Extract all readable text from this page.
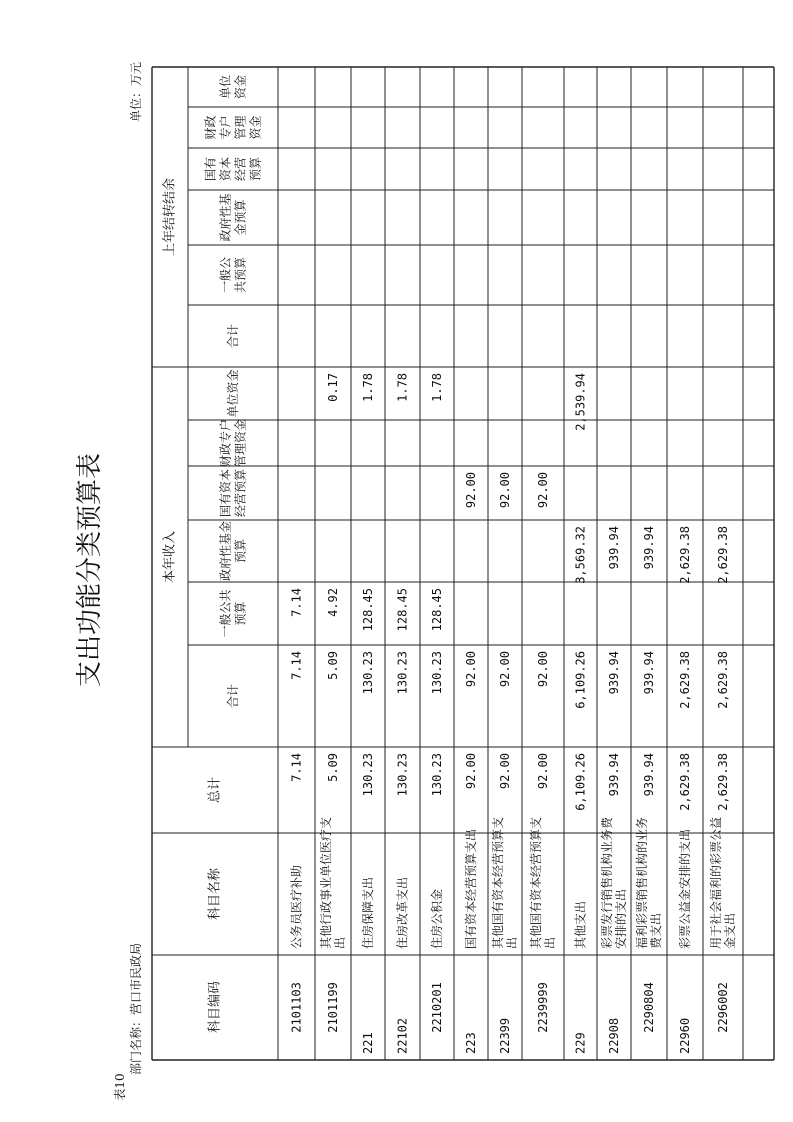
科目编码
科目名称
总计
本年收入
上年结转结余
合计
一般公共 预算
政府性基金 预算
国有资本 经营预算
财政专户 管理资金
单位资金
合计
一般公 共预算
政府性基 金预算
国有 资本 经营 预算
财政 专户 管理 资金
单位 资金
2101103
公务员医疗补助
7.14
7.14
7.14
2101199
其他行政事业单位医疗支 出
5.09
5.09
4.92
0.17
221
住房保障支出
130.23
130.23
128.45
1.78
22102
住房改革支出
130.23
130.23
128.45
1.78
2210201
住房公积金
130.23
130.23
128.45
1.78
223
国有资本经营预算支出
92.00
92.00
92.00
22399
其他国有资本经营预算支 出
92.00
92.00
92.00
2239999
其他国有资本经营预算支 出
92.00
92.00
92.00
229
其他支出
6,109.26
6,109.26
3,569.32
2,539.94
22908
彩票发行销售机构业务费 安排的支出
939.94
939.94
939.94
2290804
福利彩票销售机构的业务 费支出
939.94
939.94
939.94
22960
彩票公益金安排的支出
2,629.38
2,629.38
2,629.38
2296002
用于社会福利的彩票公益 金支出
2,629.38
2,629.38
2,629.38
支出功能分类预算表
表10
部门名称：营口市民政局
单位：万元
